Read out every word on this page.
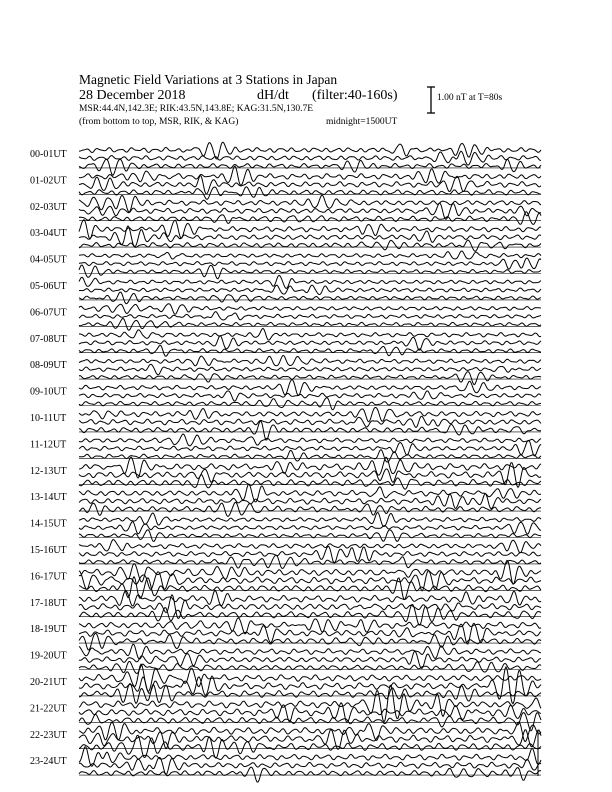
Magnetic Field Variations at 3 Stations in Japan
28 December 2018	dH/dt (filter:40-160s)
MSR:44.4N,142.3E; RIK:43.5N,143.8E; KAG:31.5N,130.7E
(from bottom to top, MSR, RIK, & KAG)	midnight=1500UT
1.00 nT at T=80s
00-01UT
01-02UT
02-03UT
03-04UT
04-05UT
05-06UT
06-07UT
07-08UT
08-09UT
09-10UT
10-11UT
11-12UT
12-13UT
13-14UT
14-15UT
15-16UT
16-17UT
17-18UT
18-19UT
19-20UT
20-21UT
21-22UT
22-23UT
23-24UT
